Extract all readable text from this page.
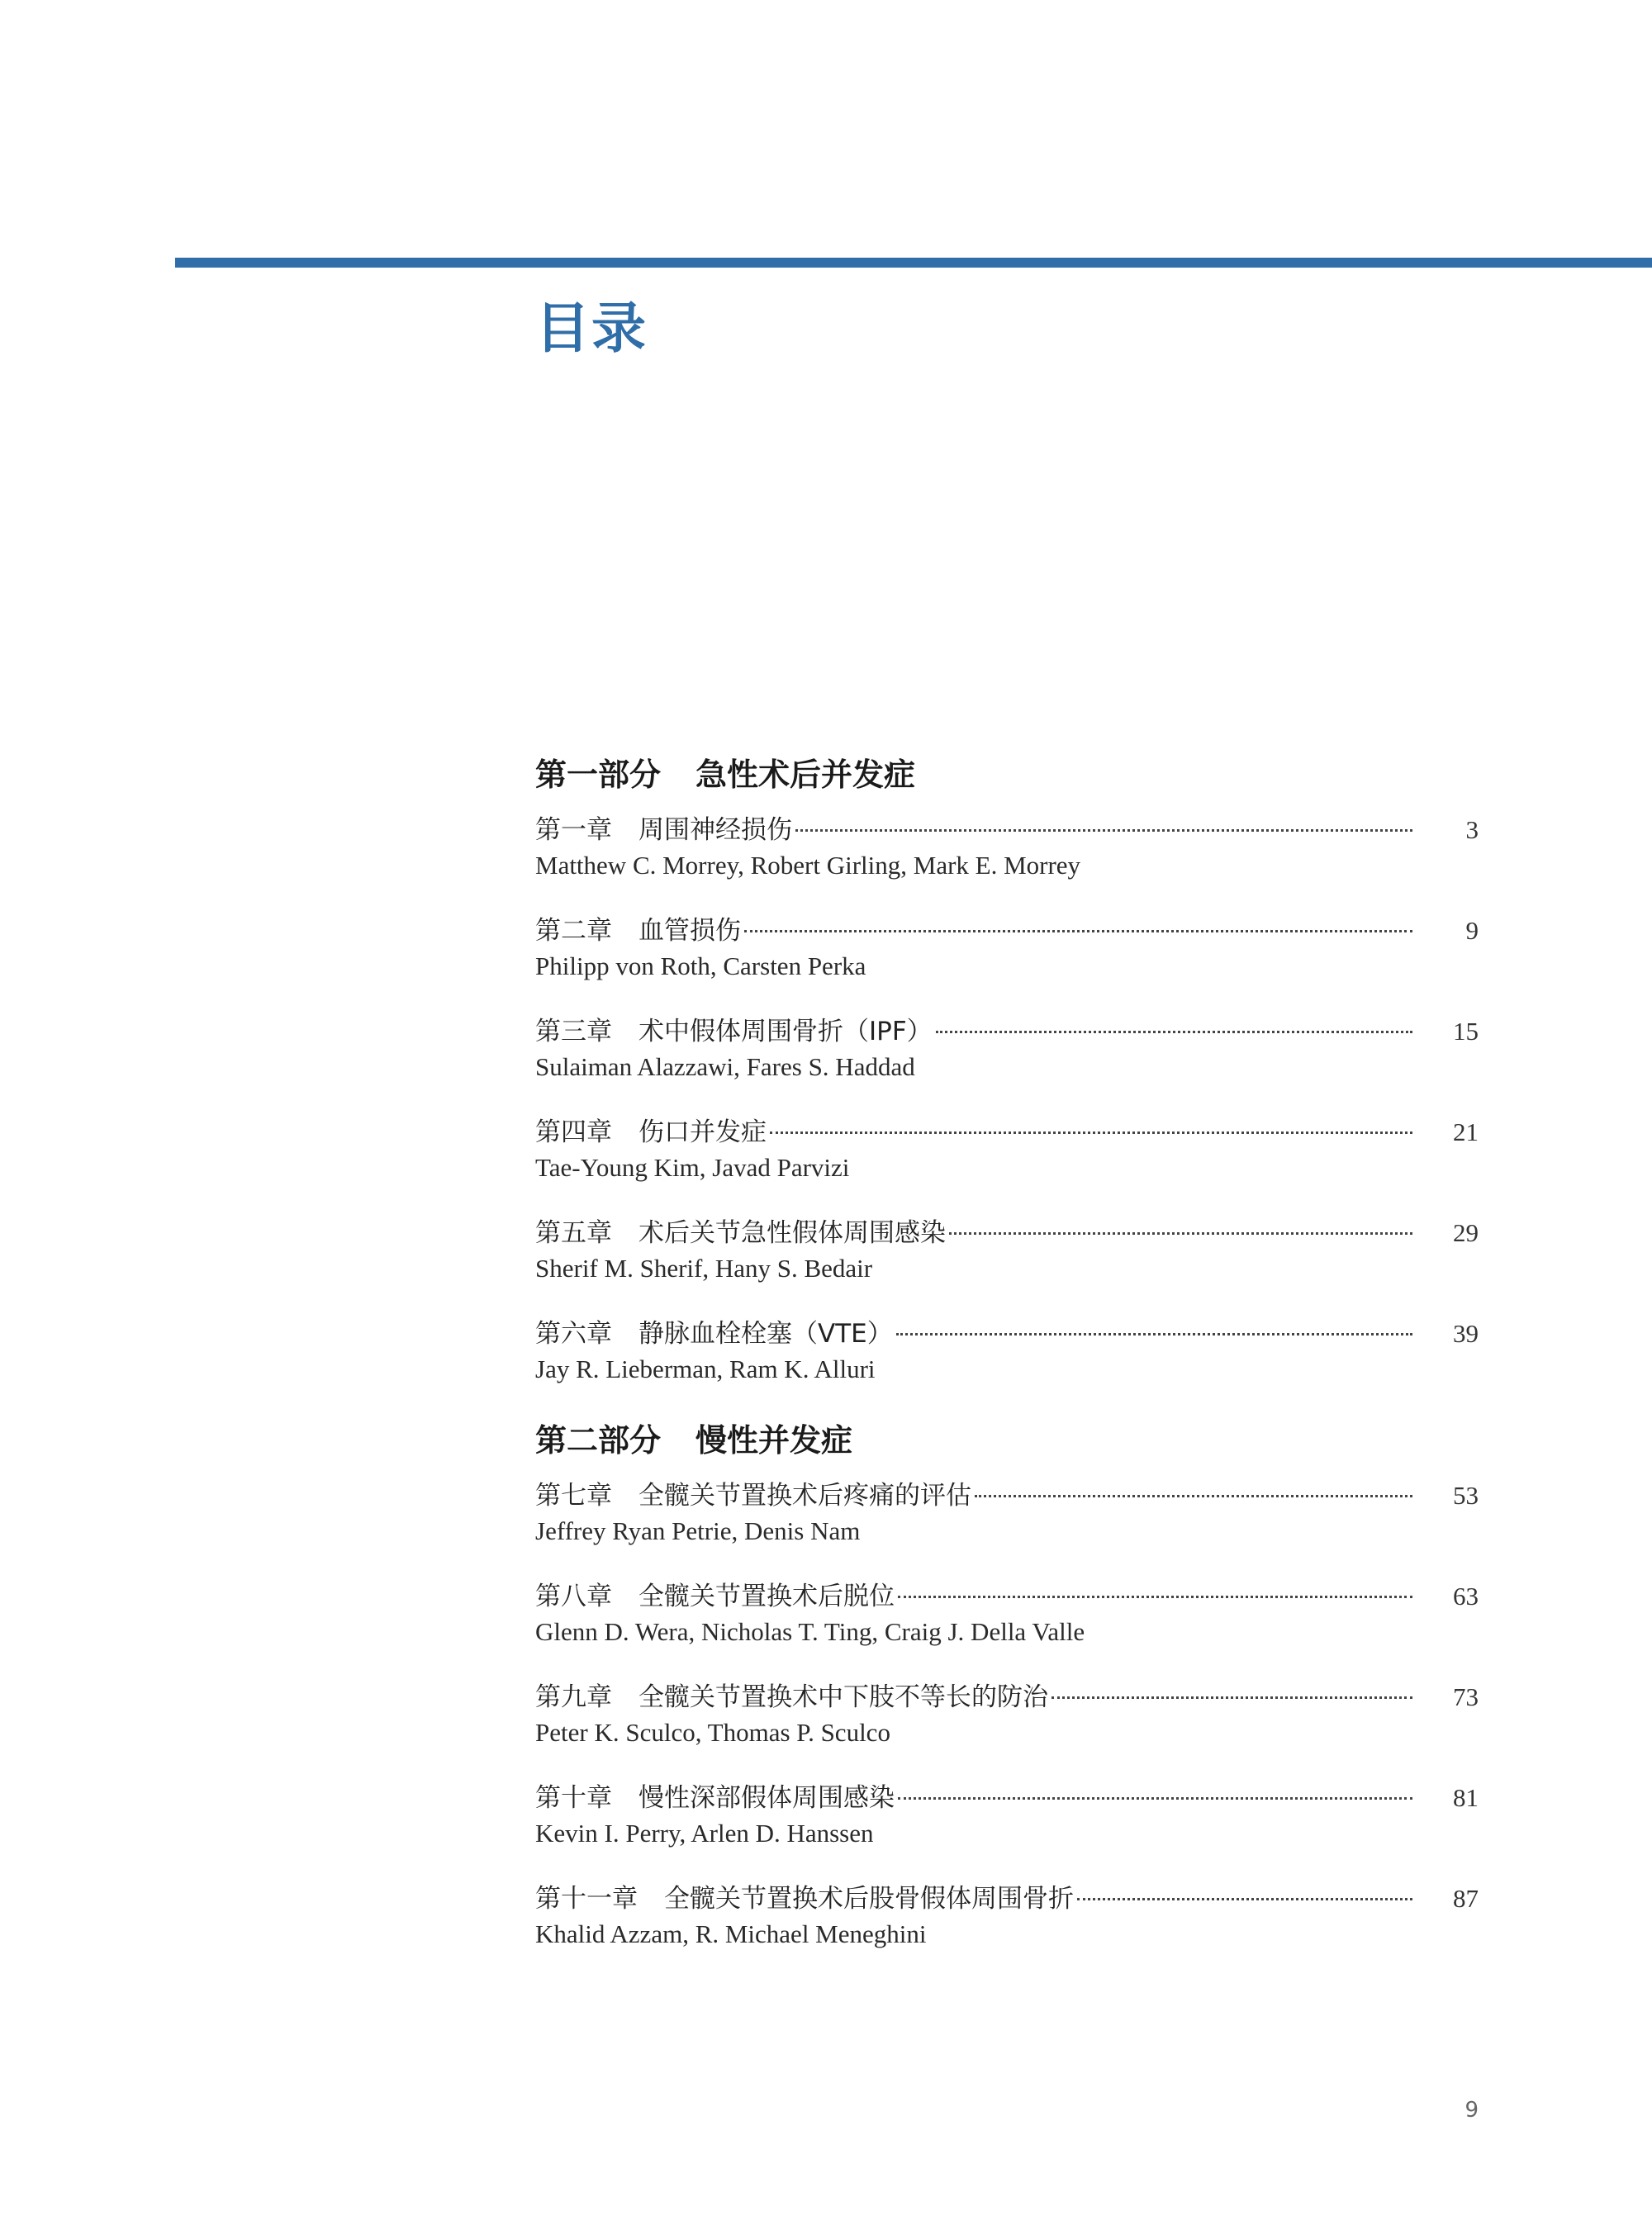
目录
第一部分 急性术后并发症
第一章 周围神经损伤	3
Matthew C. Morrey, Robert Girling, Mark E. Morrey
第二章 血管损伤	9
Philipp von Roth, Carsten Perka
第三章 术中假体周围骨折（IPF）	15
Sulaiman Alazzawi, Fares S. Haddad
第四章 伤口并发症	21
Tae-Young Kim, Javad Parvizi
第五章 术后关节急性假体周围感染	29
Sherif M. Sherif, Hany S. Bedair
第六章 静脉血栓栓塞（VTE）	39
Jay R. Lieberman, Ram K. Alluri
第二部分 慢性并发症
第七章 全髋关节置换术后疼痛的评估	53
Jeffrey Ryan Petrie, Denis Nam
第八章 全髋关节置换术后脱位	63
Glenn D. Wera, Nicholas T. Ting, Craig J. Della Valle
第九章 全髋关节置换术中下肢不等长的防治	73
Peter K. Sculco, Thomas P. Sculco
第十章 慢性深部假体周围感染	81
Kevin I. Perry, Arlen D. Hanssen
第十一章 全髋关节置换术后股骨假体周围骨折	87
Khalid Azzam, R. Michael Meneghini
9
